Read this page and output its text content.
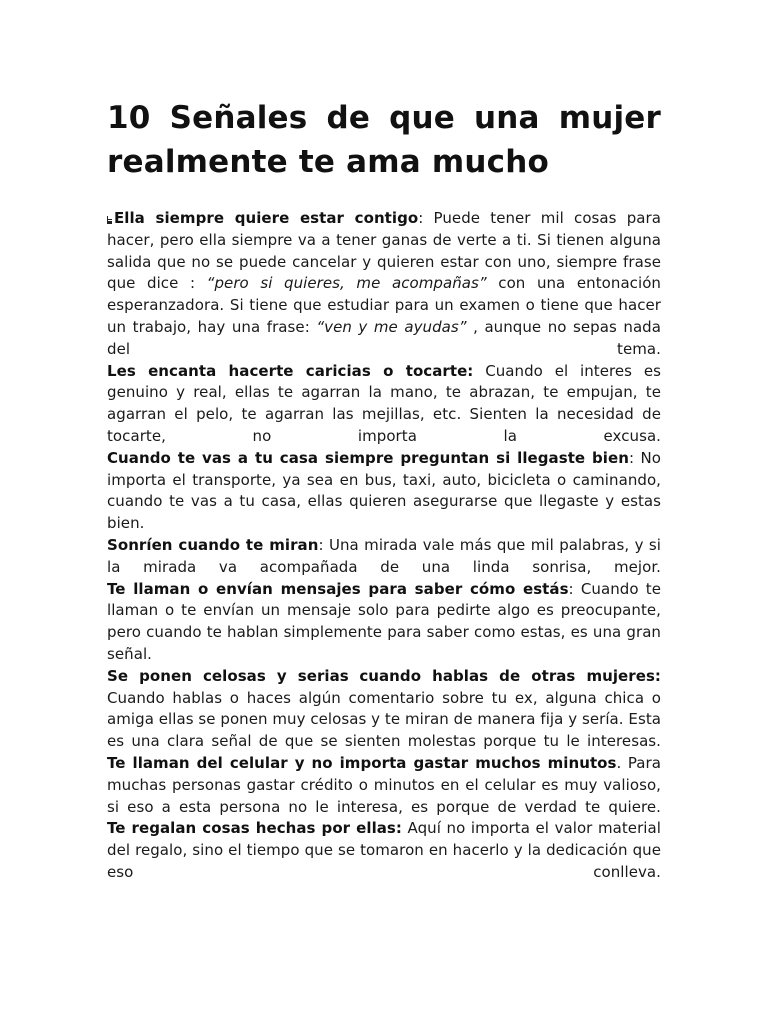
10 Señales de que una mujer realmente te ama mucho

Ella siempre quiere estar contigo: Puede tener mil cosas para hacer, pero ella siempre va a tener ganas de verte a ti. Si tienen alguna salida que no se puede cancelar y quieren estar con uno, siempre frase que dice : “pero si quieres, me acompañas” con una entonación esperanzadora. Si tiene que estudiar para un examen o tiene que hacer un trabajo, hay una frase: “ven y me ayudas” , aunque no sepas nada del tema.

Les encanta hacerte caricias o tocarte: Cuando el interes es genuino y real, ellas te agarran la mano, te abrazan, te empujan, te agarran el pelo, te agarran las mejillas, etc. Sienten la necesidad de tocarte, no importa la excusa.

Cuando te vas a tu casa siempre preguntan si llegaste bien: No importa el transporte, ya sea en bus, taxi, auto, bicicleta o caminando, cuando te vas a tu casa, ellas quieren asegurarse que llegaste y estas bien.

Sonríen cuando te miran: Una mirada vale más que mil palabras, y si la mirada va acompañada de una linda sonrisa, mejor.

Te llaman o envían mensajes para saber cómo estás: Cuando te llaman o te envían un mensaje solo para pedirte algo es preocupante, pero cuando te hablan simplemente para saber como estas, es una gran señal.

Se ponen celosas y serias cuando hablas de otras mujeres: Cuando hablas o haces algún comentario sobre tu ex, alguna chica o amiga ellas se ponen muy celosas y te miran de manera fija y sería. Esta es una clara señal de que se sienten molestas porque tu le interesas.

Te llaman del celular y no importa gastar muchos minutos. Para muchas personas gastar crédito o minutos en el celular es muy valioso, si eso a esta persona no le interesa, es porque de verdad te quiere.

Te regalan cosas hechas por ellas: Aquí no importa el valor material del regalo, sino el tiempo que se tomaron en hacerlo y la dedicación que eso conlleva.
